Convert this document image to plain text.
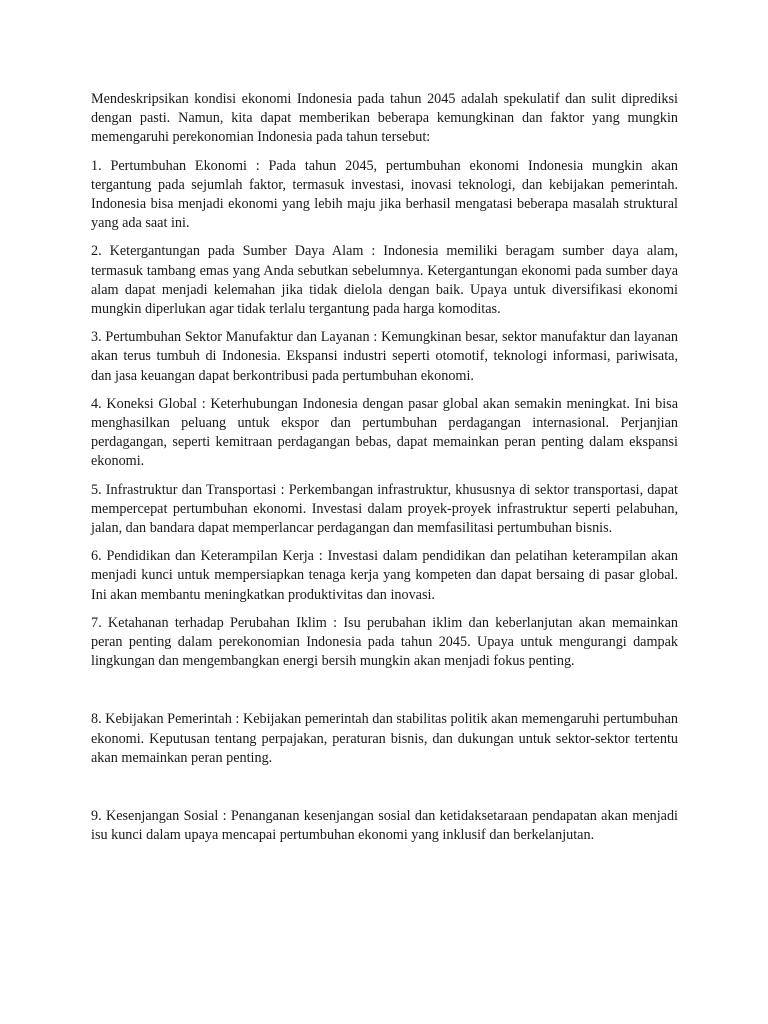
Mendeskripsikan kondisi ekonomi Indonesia pada tahun 2045 adalah spekulatif dan sulit diprediksi dengan pasti. Namun, kita dapat memberikan beberapa kemungkinan dan faktor yang mungkin memengaruhi perekonomian Indonesia pada tahun tersebut:

1. Pertumbuhan Ekonomi : Pada tahun 2045, pertumbuhan ekonomi Indonesia mungkin akan tergantung pada sejumlah faktor, termasuk investasi, inovasi teknologi, dan kebijakan pemerintah. Indonesia bisa menjadi ekonomi yang lebih maju jika berhasil mengatasi beberapa masalah struktural yang ada saat ini.

2. Ketergantungan pada Sumber Daya Alam : Indonesia memiliki beragam sumber daya alam, termasuk tambang emas yang Anda sebutkan sebelumnya. Ketergantungan ekonomi pada sumber daya alam dapat menjadi kelemahan jika tidak dielola dengan baik. Upaya untuk diversifikasi ekonomi mungkin diperlukan agar tidak terlalu tergantung pada harga komoditas.

3. Pertumbuhan Sektor Manufaktur dan Layanan : Kemungkinan besar, sektor manufaktur dan layanan akan terus tumbuh di Indonesia. Ekspansi industri seperti otomotif, teknologi informasi, pariwisata, dan jasa keuangan dapat berkontribusi pada pertumbuhan ekonomi.

4. Koneksi Global : Keterhubungan Indonesia dengan pasar global akan semakin meningkat. Ini bisa menghasilkan peluang untuk ekspor dan pertumbuhan perdagangan internasional. Perjanjian perdagangan, seperti kemitraan perdagangan bebas, dapat memainkan peran penting dalam ekspansi ekonomi.

5. Infrastruktur dan Transportasi : Perkembangan infrastruktur, khususnya di sektor transportasi, dapat mempercepat pertumbuhan ekonomi. Investasi dalam proyek-proyek infrastruktur seperti pelabuhan, jalan, dan bandara dapat memperlancar perdagangan dan memfasilitasi pertumbuhan bisnis.

6. Pendidikan dan Keterampilan Kerja : Investasi dalam pendidikan dan pelatihan keterampilan akan menjadi kunci untuk mempersiapkan tenaga kerja yang kompeten dan dapat bersaing di pasar global. Ini akan membantu meningkatkan produktivitas dan inovasi.

7. Ketahanan terhadap Perubahan Iklim : Isu perubahan iklim dan keberlanjutan akan memainkan peran penting dalam perekonomian Indonesia pada tahun 2045. Upaya untuk mengurangi dampak lingkungan dan mengembangkan energi bersih mungkin akan menjadi fokus penting.

8. Kebijakan Pemerintah : Kebijakan pemerintah dan stabilitas politik akan memengaruhi pertumbuhan ekonomi. Keputusan tentang perpajakan, peraturan bisnis, dan dukungan untuk sektor-sektor tertentu akan memainkan peran penting.

9. Kesenjangan Sosial : Penanganan kesenjangan sosial dan ketidaksetaraan pendapatan akan menjadi isu kunci dalam upaya mencapai pertumbuhan ekonomi yang inklusif dan berkelanjutan.
